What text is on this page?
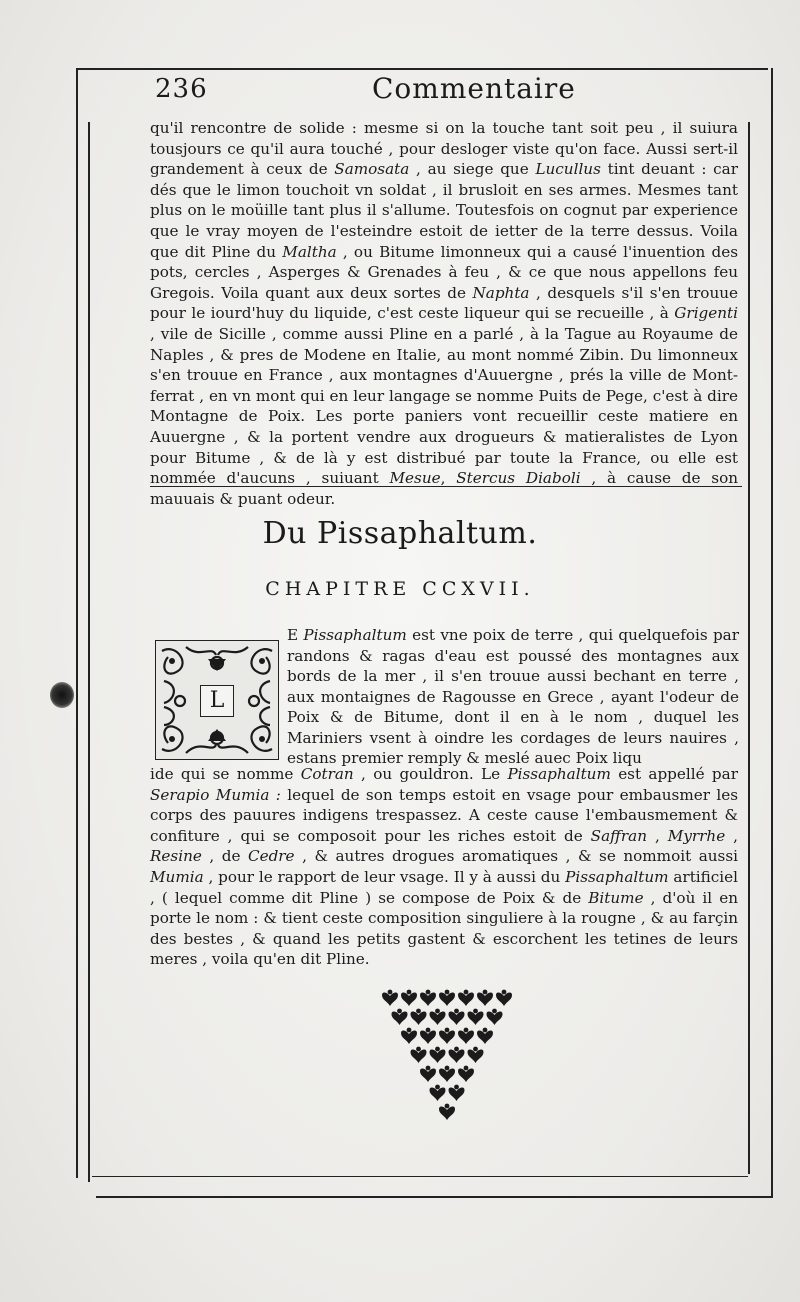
236	Commentaire
qu'il rencontre de solide : mesme si on la touche tant soit peu , il suiura tousjours ce qu'il aura touché , pour desloger viste qu'on face. Aussi sert-il grandement à ceux de Samosata , au siege que Lucullus tint deuant : car dés que le limon touchoit vn soldat , il brusloit en ses armes. Mesmes tant plus on le moüille tant plus il s'allume. Toutesfois on cognut par experience que le vray moyen de l'esteindre estoit de ietter de la terre dessus. Voila que dit Pline du Maltha , ou Bitume limonneux qui a causé l'inuention des pots, cercles , Asperges & Grenades à feu , & ce que nous appellons feu Gregois. Voila quant aux deux sortes de Naphta , desquels s'il s'en trouue pour le iourd'huy du liquide, c'est ceste liqueur qui se recueille , à Grigenti , vile de Sicille , comme aussi Pline en a parlé , à la Tague au Royaume de Naples , & pres de Modene en Italie, au mont nommé Zibin. Du limonneux s'en trouue en France , aux montagnes d'Auuergne , prés la ville de Mont-ferrat , en vn mont qui en leur langage se nomme Puits de Pege, c'est à dire Montagne de Poix. Les porte paniers vont recueillir ceste matiere en Auuergne , & la portent vendre aux drogueurs & matieralistes de Lyon pour Bitume , & de là y est distribué par toute la France, ou elle est nommée d'aucuns , suiuant Mesue, Stercus Diaboli , à cause de son mauuais & puant odeur.
Du Pissaphaltum.
CHAPITRE CCXVII.
L
E Pissaphaltum est vne poix de terre , qui quelquefois par randons & ragas d'eau est poussé des montagnes aux bords de la mer , il s'en trouue aussi bechant en terre , aux montaignes de Ragousse en Grece , ayant l'odeur de Poix & de Bitume, dont il en à le nom , duquel les Mariniers vsent à oindre les cordages de leurs nauires , estans premier remply & meslé auec Poix liqu
ide qui se nomme Cotran , ou gouldron. Le Pissaphaltum est appellé par Serapio Mumia : lequel de son temps estoit en vsage pour embausmer les corps des pauures indigens trespassez. A ceste cause l'embausmement & confiture , qui se composoit pour les riches estoit de Saffran , Myrrhe , Resine , de Cedre , & autres drogues aromatiques , & se nommoit aussi Mumia , pour le rapport de leur vsage. Il y à aussi du Pissaphaltum artificiel , ( lequel comme dit Pline ) se compose de Poix & de Bitume , d'où il en porte le nom : & tient ceste composition singuliere à la rougne , & au farçin des bestes , & quand les petits gastent & escorchent les tetines de leurs meres , voila qu'en dit Pline.
